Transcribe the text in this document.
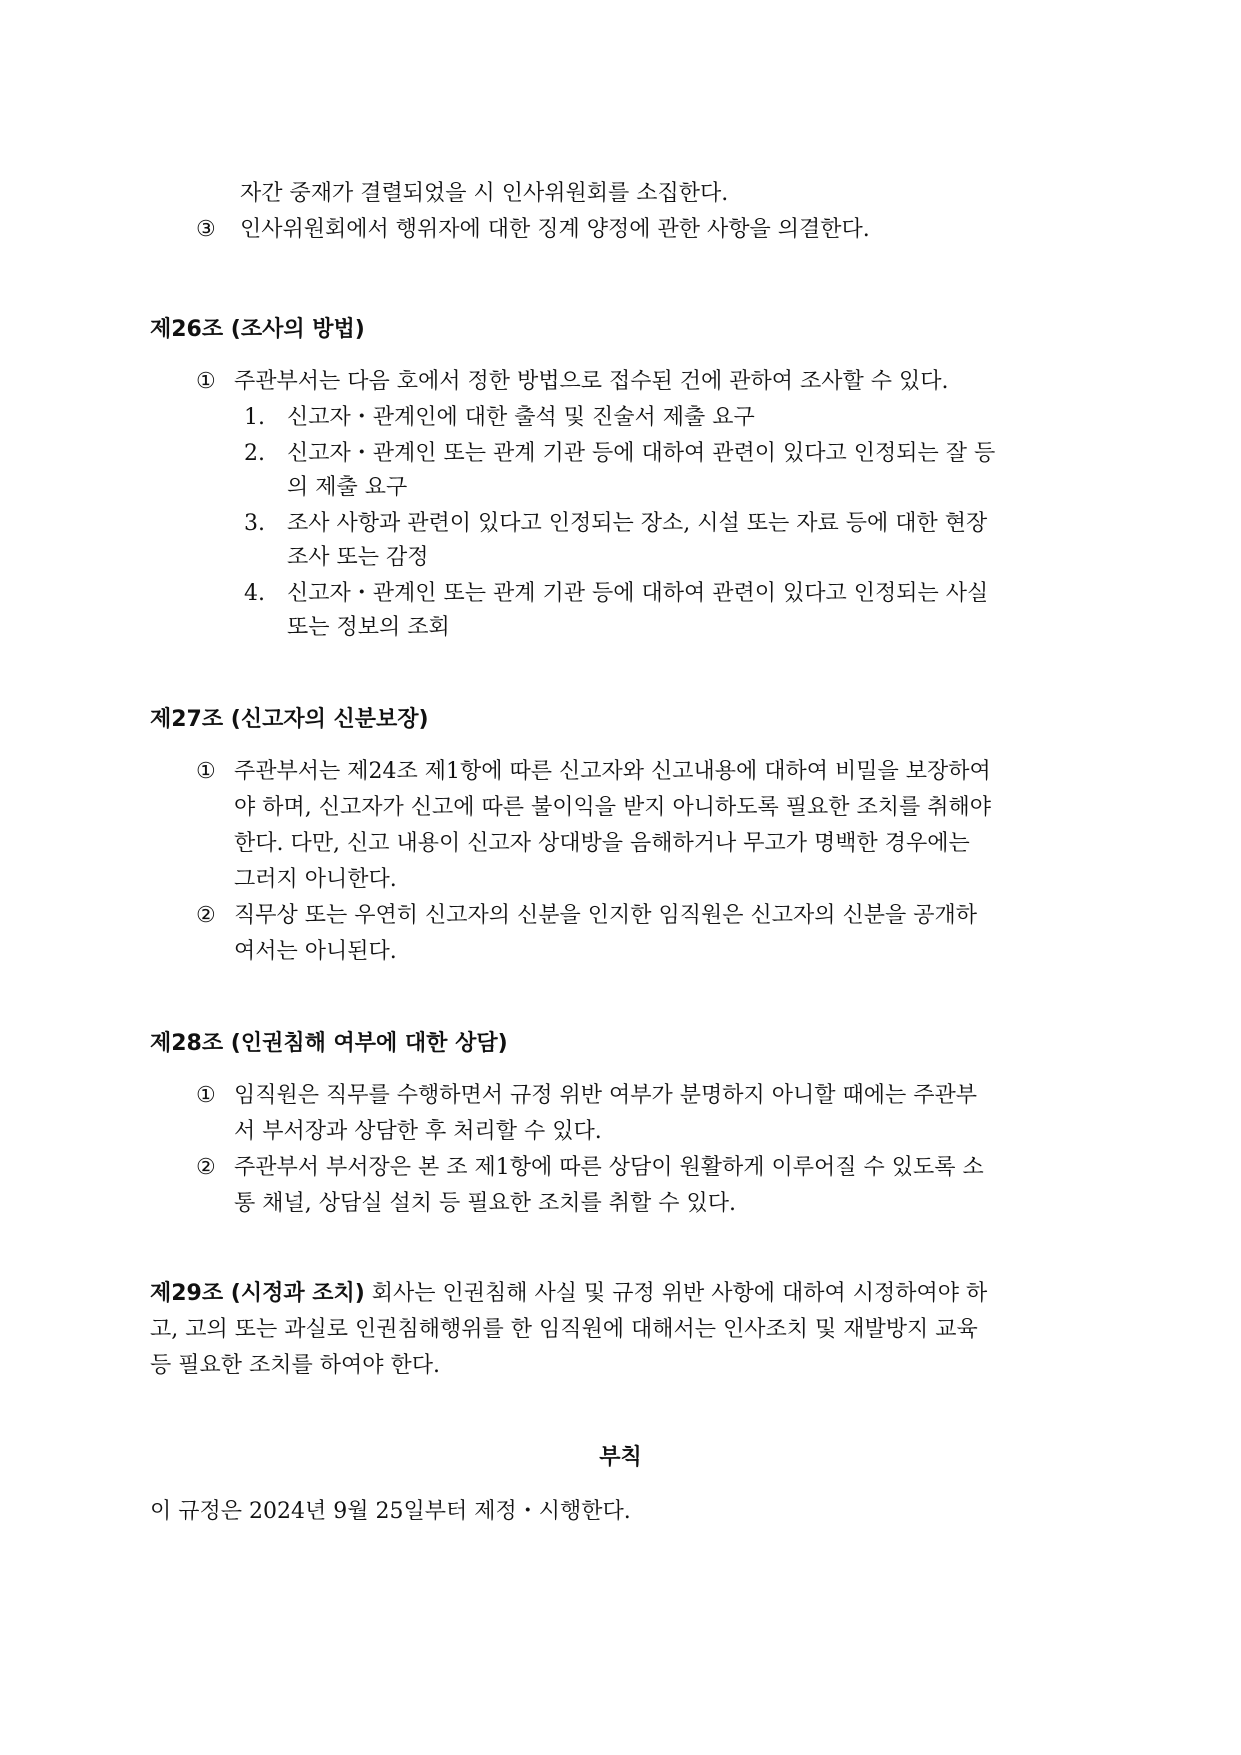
자간 중재가 결렬되었을 시 인사위원회를 소집한다.
③ 인사위원회에서 행위자에 대한 징계 양정에 관한 사항을 의결한다.
제26조 (조사의 방법)
① 주관부서는 다음 호에서 정한 방법으로 접수된 건에 관하여 조사할 수 있다.
1. 신고자・관계인에 대한 출석 및 진술서 제출 요구
2. 신고자・관계인 또는 관계 기관 등에 대하여 관련이 있다고 인정되는 잘 등
의 제출 요구
3. 조사 사항과 관련이 있다고 인정되는 장소, 시설 또는 자료 등에 대한 현장
조사 또는 감정
4. 신고자・관계인 또는 관계 기관 등에 대하여 관련이 있다고 인정되는 사실
또는 정보의 조회
제27조 (신고자의 신분보장)
① 주관부서는 제24조 제1항에 따른 신고자와 신고내용에 대하여 비밀을 보장하여
야 하며, 신고자가 신고에 따른 불이익을 받지 아니하도록 필요한 조치를 취해야
한다. 다만, 신고 내용이 신고자 상대방을 음해하거나 무고가 명백한 경우에는
그러지 아니한다.
② 직무상 또는 우연히 신고자의 신분을 인지한 임직원은 신고자의 신분을 공개하
여서는 아니된다.
제28조 (인권침해 여부에 대한 상담)
① 임직원은 직무를 수행하면서 규정 위반 여부가 분명하지 아니할 때에는 주관부
서 부서장과 상담한 후 처리할 수 있다.
② 주관부서 부서장은 본 조 제1항에 따른 상담이 원활하게 이루어질 수 있도록 소
통 채널, 상담실 설치 등 필요한 조치를 취할 수 있다.
제29조 (시정과 조치) 회사는 인권침해 사실 및 규정 위반 사항에 대하여 시정하여야 하
고, 고의 또는 과실로 인권침해행위를 한 임직원에 대해서는 인사조치 및 재발방지 교육
등 필요한 조치를 하여야 한다.
부칙
이 규정은 2024년 9월 25일부터 제정・시행한다.
